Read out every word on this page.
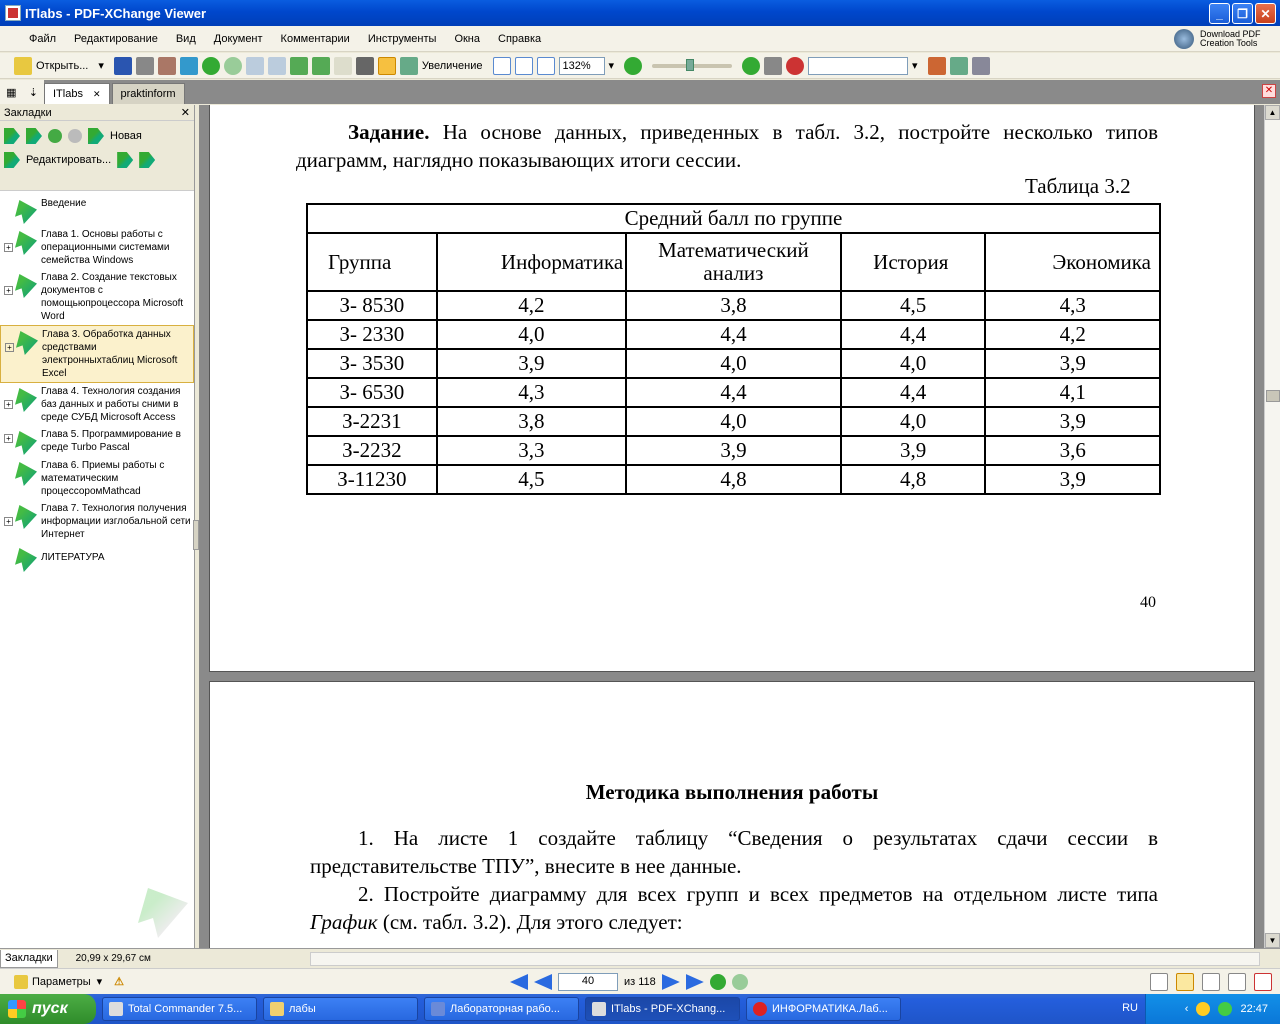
ITlabs - PDF-XChange Viewer	_	❐	✕
Файл	Редактирование	Вид	Документ	Комментарии	Инструменты	Окна	Справка	Download PDF
Creation Tools
Открыть... ▾	Увеличение	132%	▾	▾
▦ ⇣	ITlabs ✕	praktinform	✕
Закладки	✕
Новая
Редактировать...
Введение
+
Глава 1. Основы работы с операционными системами семейства Windows
+
Глава 2. Создание текстовых документов с помощьюпроцессора Microsoft Word
+
Глава 3. Обработка данных средствами электронныхтаблиц Microsoft Excel
+
Глава 4. Технология создания баз данных и работы сними в среде СУБД Microsoft Access
+	Глава 5. Программирование в среде Turbo Pascal
Глава 6. Приемы работы с математическим процессоромMathcad
+
Глава 7. Технология получения информации изглобальной сети Интернет
ЛИТЕРАТУРА

Задание. На основе данных, приведенных в табл. 3.2, постройте несколько типов диаграмм, наглядно показывающих итоги сессии.

Таблица 3.2
Средний балл по группе				
Группа	Информатика	Математический анализ	История	Экономика
З- 8530	4,2	3,8	4,5	4,3
З- 2330	4,0	4,4	4,4	4,2
З- 3530	3,9	4,0	4,0	3,9
З- 6530	4,3	4,4	4,4	4,1
З-2231	3,8	4,0	4,0	3,9
З-2232	3,3	3,9	3,9	3,6
З-11230	4,5	4,8	4,8	3,9
40
Методика выполнения работы

1. На листе 1 создайте таблицу “Сведения о результатах сдачи сессии в представительстве ТПУ”, внесите в нее данные.

2. Постройте диаграмму для всех групп и всех предметов на отдельном листе типа График (см. табл. 3.2). Для этого следует:

▲
▼
Закладки	20,99 x 29,67 см
Параметры ▾ ⚠	40	из 118
пуск	Total Commander 7.5...	лабы	Лабораторная рабо...	ITlabs - PDF-XChang...	ИНФОРМАТИКА.Лаб...	RU	‹	22:47
